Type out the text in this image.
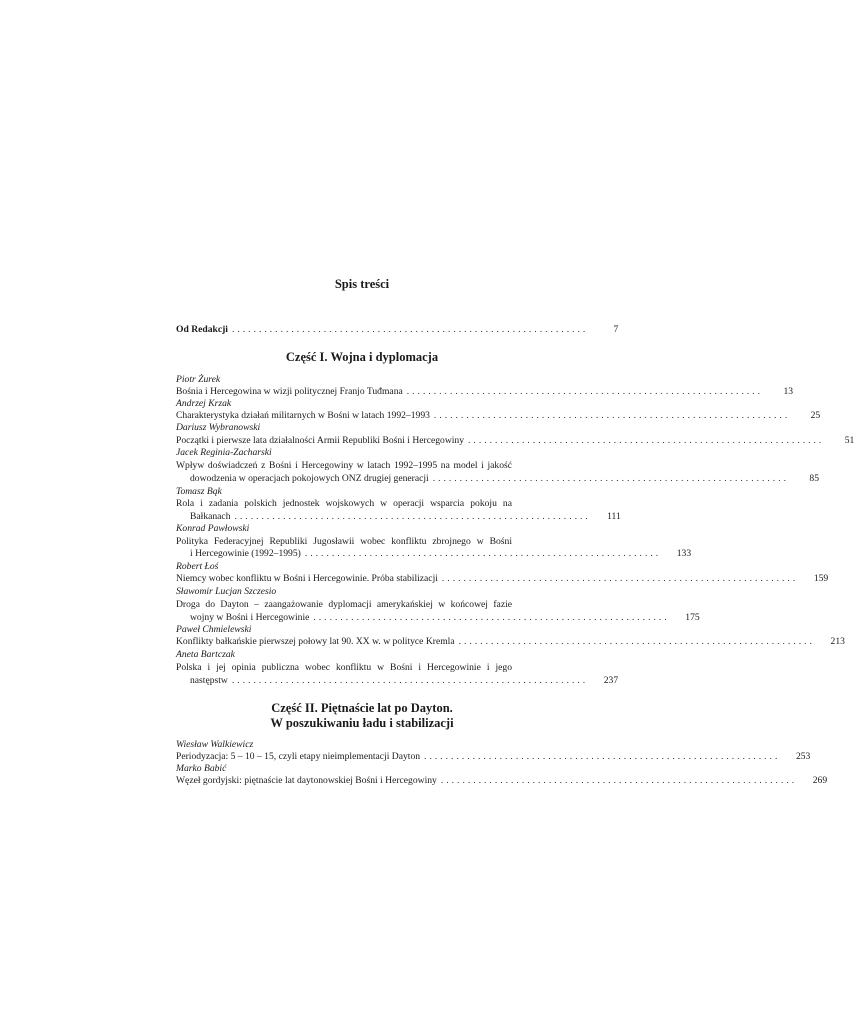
Spis treści
Od Redakcji ..................................................................	7
Część I. Wojna i dyplomacja
Piotr Żurek
Bośnia i Hercegowina w wizji politycznej Franjo Tuđmana ..................................................................	13
Andrzej Krzak
Charakterystyka działań militarnych w Bośni w latach 1992–1993 ..................................................................	25
Dariusz Wybranowski
Początki i pierwsze lata działalności Armii Republiki Bośni i Hercegowiny ..................................................................	51
Jacek Reginia-Zacharski
Wpływ doświadczeń z Bośni i Hercegowiny w latach 1992–1995 na model i jakość
dowodzenia w operacjach pokojowych ONZ drugiej generacji ..................................................................	85
Tomasz Bąk
Rola i zadania polskich jednostek wojskowych w operacji wsparcia pokoju na
Bałkanach ..................................................................	111
Konrad Pawłowski
Polityka Federacyjnej Republiki Jugosławii wobec konfliktu zbrojnego w Bośni
i Hercegowinie (1992–1995) ..................................................................	133
Robert Łoś
Niemcy wobec konfliktu w Bośni i Hercegowinie. Próba stabilizacji ..................................................................	159
Sławomir Lucjan Szczesio
Droga do Dayton – zaangażowanie dyplomacji amerykańskiej w końcowej fazie
wojny w Bośni i Hercegowinie ..................................................................	175
Paweł Chmielewski
Konflikty bałkańskie pierwszej połowy lat 90. XX w. w polityce Kremla ..................................................................	213
Aneta Bartczak
Polska i jej opinia publiczna wobec konfliktu w Bośni i Hercegowinie i jego
następstw ..................................................................	237
Część II. Piętnaście lat po Dayton.
W poszukiwaniu ładu i stabilizacji
Wiesław Walkiewicz
Periodyzacja: 5 – 10 – 15, czyli etapy nieimplementacji Dayton ..................................................................	253
Marko Babić
Węzeł gordyjski: piętnaście lat daytonowskiej Bośni i Hercegowiny ..................................................................	269
